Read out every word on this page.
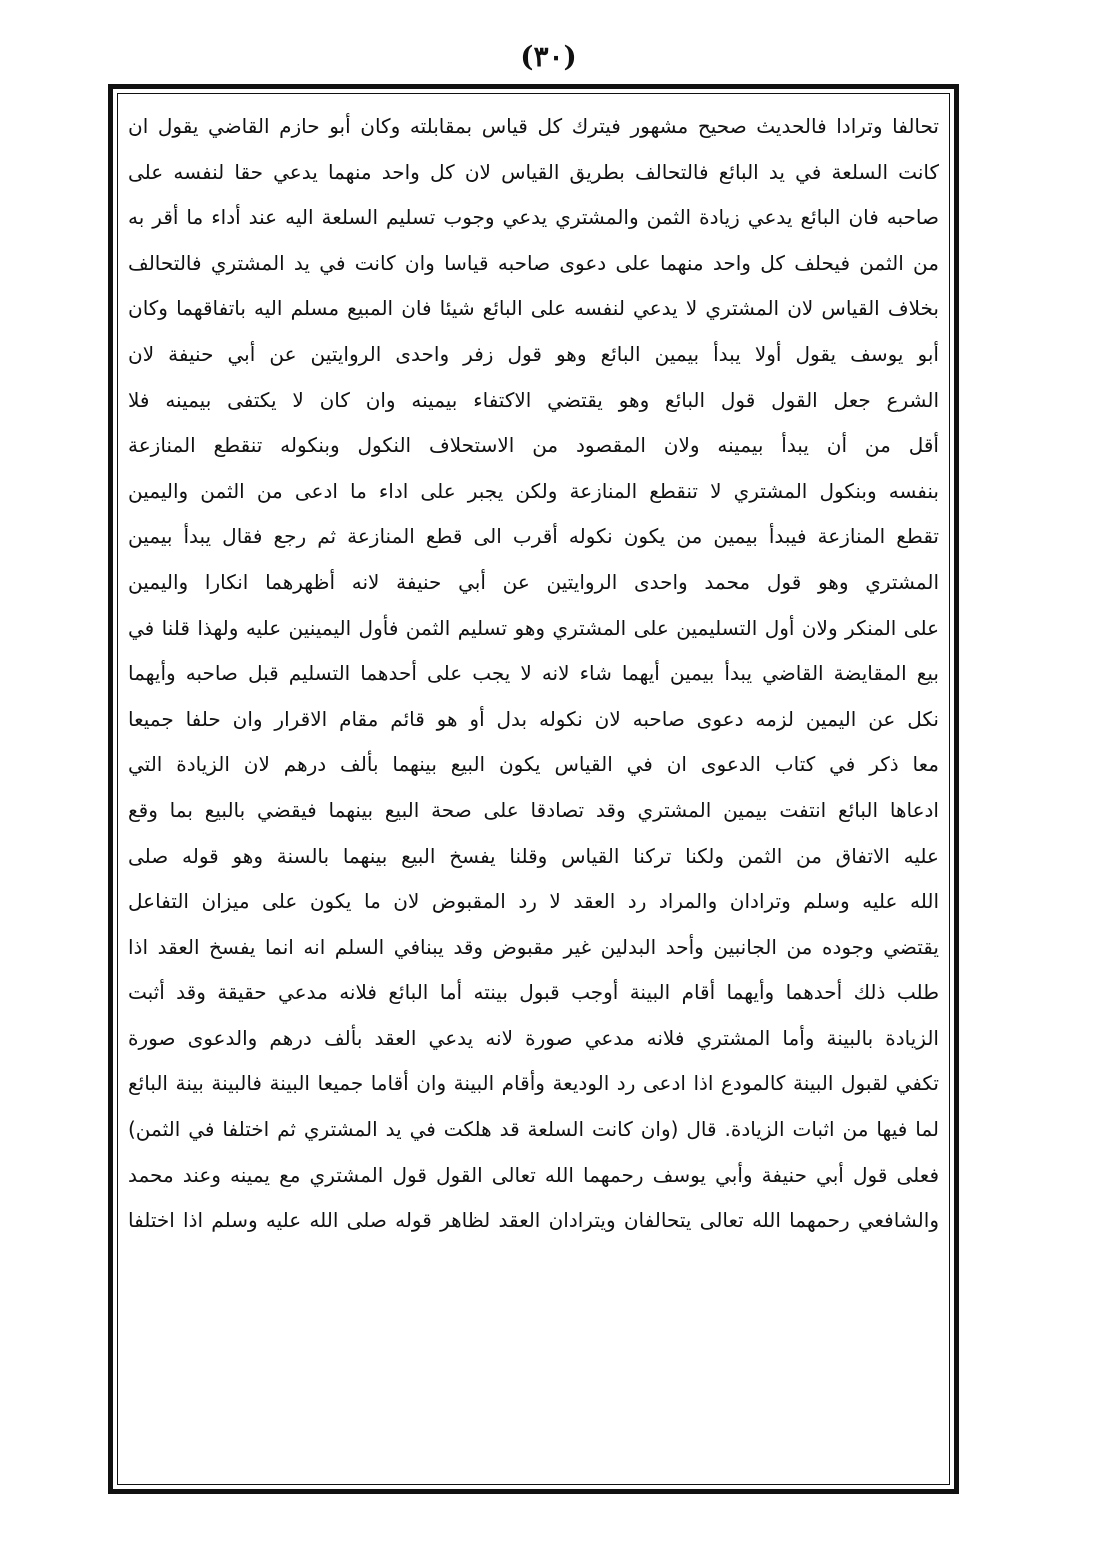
(٣٠)
تحالفا وترادا فالحديث صحيح مشهور فيترك كل قياس بمقابلته وكان أبو حازم القاضي يقول ان
كانت السلعة في يد البائع فالتحالف بطريق القياس لان كل واحد منهما يدعي حقا لنفسه على
صاحبه فان البائع يدعي زيادة الثمن والمشتري يدعي وجوب تسليم السلعة اليه عند أداء ما أقر به
من الثمن فيحلف كل واحد منهما على دعوى صاحبه قياسا وان كانت في يد المشتري فالتحالف
بخلاف القياس لان المشتري لا يدعي لنفسه على البائع شيئا فان المبيع مسلم اليه باتفاقهما وكان
أبو يوسف يقول أولا يبدأ بيمين البائع وهو قول زفر واحدى الروايتين عن أبي حنيفة لان
الشرع جعل القول قول البائع وهو يقتضي الاكتفاء بيمينه وان كان لا يكتفى بيمينه فلا
أقل من أن يبدأ بيمينه ولان المقصود من الاستحلاف النكول وبنكوله تنقطع المنازعة
بنفسه وبنكول المشتري لا تنقطع المنازعة ولكن يجبر على اداء ما ادعى من الثمن واليمين
تقطع المنازعة فيبدأ بيمين من يكون نكوله أقرب الى قطع المنازعة ثم رجع فقال يبدأ بيمين
المشتري وهو قول محمد واحدى الروايتين عن أبي حنيفة لانه أظهرهما انكارا واليمين
على المنكر ولان أول التسليمين على المشتري وهو تسليم الثمن فأول اليمينين عليه ولهذا قلنا في
بيع المقايضة القاضي يبدأ بيمين أيهما شاء لانه لا يجب على أحدهما التسليم قبل صاحبه وأيهما
نكل عن اليمين لزمه دعوى صاحبه لان نكوله بدل أو هو قائم مقام الاقرار وان حلفا جميعا
معا ذكر في كتاب الدعوى ان في القياس يكون البيع بينهما بألف درهم لان الزيادة التي
ادعاها البائع انتفت بيمين المشتري وقد تصادقا على صحة البيع بينهما فيقضي بالبيع بما وقع
عليه الاتفاق من الثمن ولكنا تركنا القياس وقلنا يفسخ البيع بينهما بالسنة وهو قوله صلى
الله عليه وسلم وترادان والمراد رد العقد لا رد المقبوض لان ما يكون على ميزان التفاعل
يقتضي وجوده من الجانبين وأحد البدلين غير مقبوض وقد يبنافي السلم انه انما يفسخ العقد اذا
طلب ذلك أحدهما وأيهما أقام البينة أوجب قبول بينته أما البائع فلانه مدعي حقيقة وقد أثبت
الزيادة بالبينة وأما المشتري فلانه مدعي صورة لانه يدعي العقد بألف درهم والدعوى صورة
تكفي لقبول البينة كالمودع اذا ادعى رد الوديعة وأقام البينة وان أقاما جميعا البينة فالبينة بينة البائع
لما فيها من اثبات الزيادة. قال (وان كانت السلعة قد هلكت في يد المشتري ثم اختلفا في الثمن)
فعلى قول أبي حنيفة وأبي يوسف رحمهما الله تعالى القول قول المشتري مع يمينه وعند محمد
والشافعي رحمهما الله تعالى يتحالفان ويترادان العقد لظاهر قوله صلى الله عليه وسلم اذا اختلفا
